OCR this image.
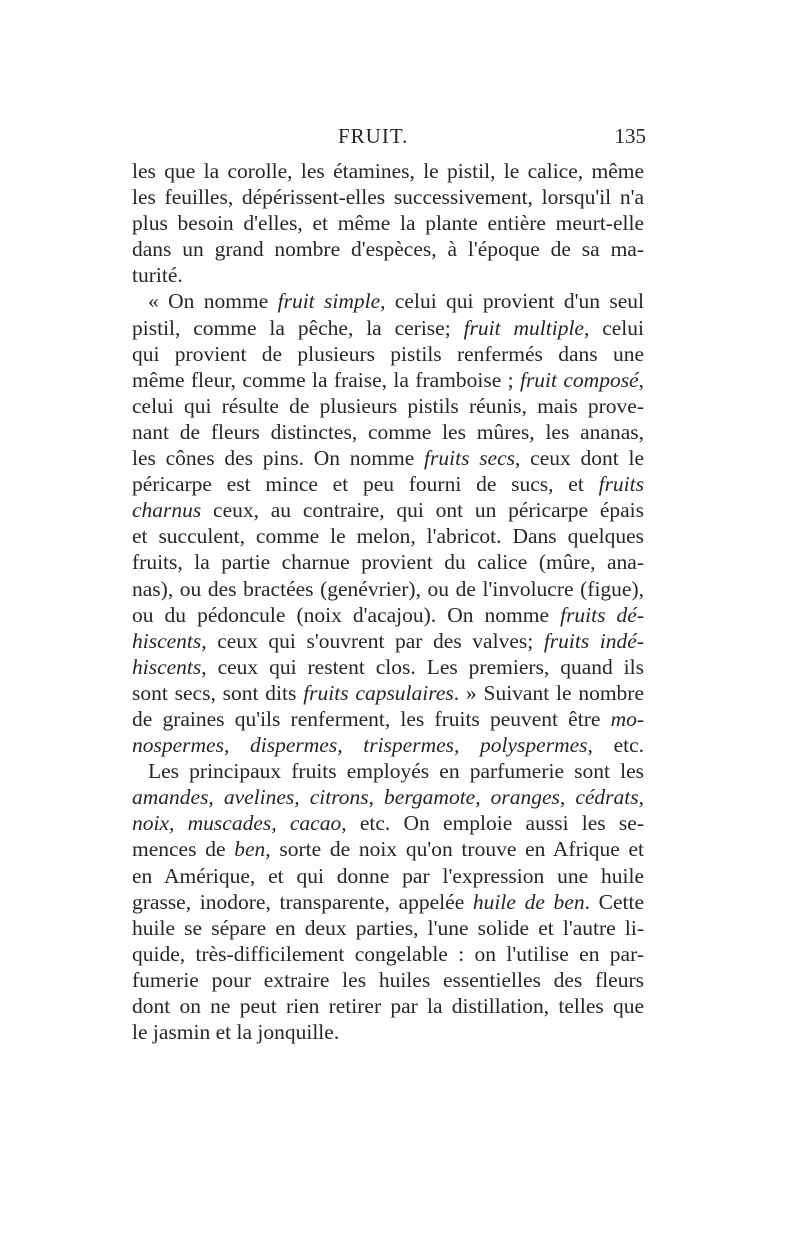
FRUIT.	135
les que la corolle, les étamines, le pistil, le calice, même
les feuilles, dépérissent-elles successivement, lorsqu'il n'a
plus besoin d'elles, et même la plante entière meurt-elle
dans un grand nombre d'espèces, à l'époque de sa ma-
turité.
« On nomme fruit simple, celui qui provient d'un seul
pistil, comme la pêche, la cerise; fruit multiple, celui
qui provient de plusieurs pistils renfermés dans une
même fleur, comme la fraise, la framboise ; fruit composé,
celui qui résulte de plusieurs pistils réunis, mais prove-
nant de fleurs distinctes, comme les mûres, les ananas,
les cônes des pins. On nomme fruits secs, ceux dont le
péricarpe est mince et peu fourni de sucs, et fruits
charnus ceux, au contraire, qui ont un péricarpe épais
et succulent, comme le melon, l'abricot. Dans quelques
fruits, la partie charnue provient du calice (mûre, ana-
nas), ou des bractées (genévrier), ou de l'involucre (figue),
ou du pédoncule (noix d'acajou). On nomme fruits dé-
hiscents, ceux qui s'ouvrent par des valves; fruits indé-
hiscents, ceux qui restent clos. Les premiers, quand ils
sont secs, sont dits fruits capsulaires. » Suivant le nombre
de graines qu'ils renferment, les fruits peuvent être mo-
nospermes, dispermes, trispermes, polyspermes, etc.
Les principaux fruits employés en parfumerie sont les
amandes, avelines, citrons, bergamote, oranges, cédrats,
noix, muscades, cacao, etc. On emploie aussi les se-
mences de ben, sorte de noix qu'on trouve en Afrique et
en Amérique, et qui donne par l'expression une huile
grasse, inodore, transparente, appelée huile de ben. Cette
huile se sépare en deux parties, l'une solide et l'autre li-
quide, très-difficilement congelable : on l'utilise en par-
fumerie pour extraire les huiles essentielles des fleurs
dont on ne peut rien retirer par la distillation, telles que
le jasmin et la jonquille.
